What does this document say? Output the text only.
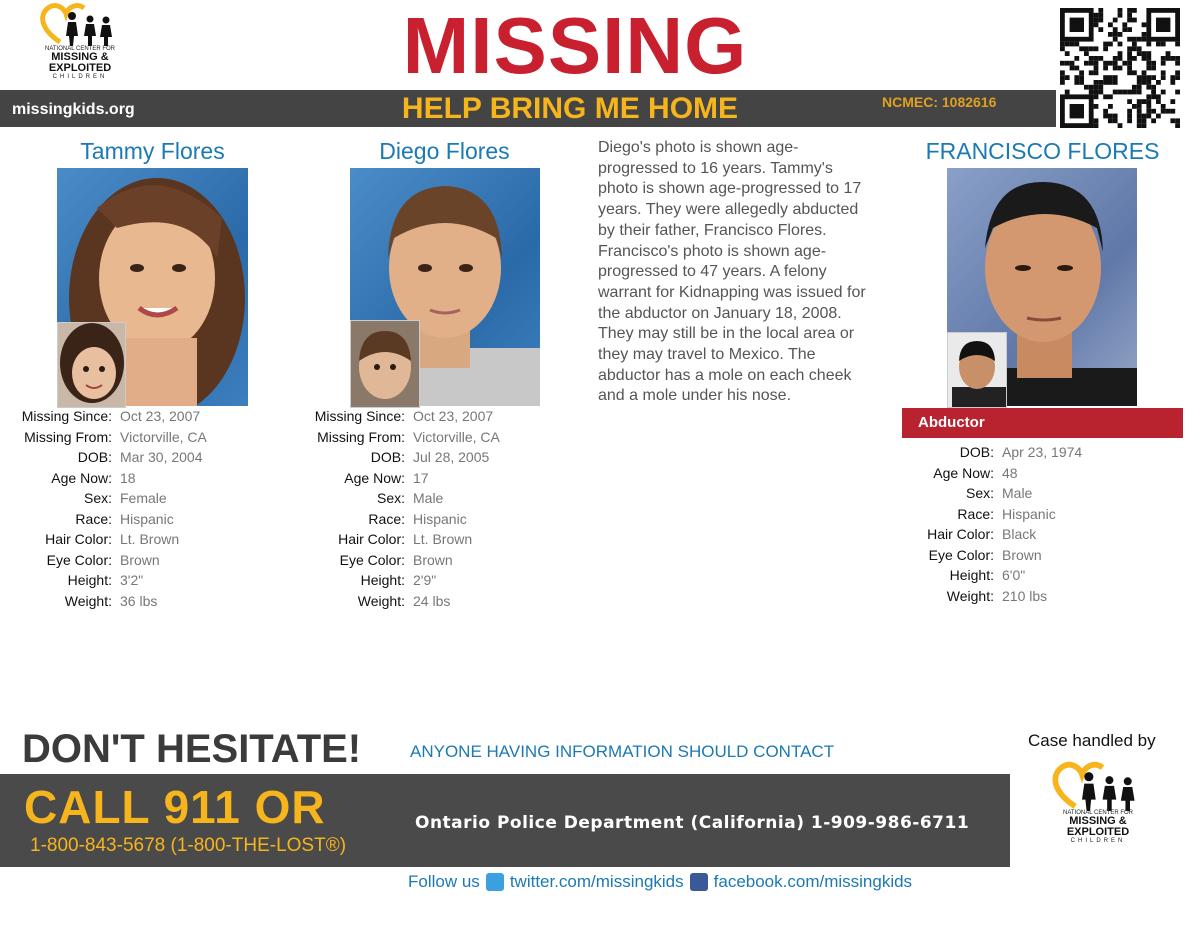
NATIONAL CENTER FOR
MISSING &
EXPLOITED
CHILDREN	MISSING
missingkids.org	HELP BRING ME HOME	NCMEC: 1082616
Tammy Flores
Missing Since: Oct 23, 2007
Missing From: Victorville, CA
DOB: Mar 30, 2004
Age Now: 18
Sex: Female
Race: Hispanic
Hair Color: Lt. Brown
Eye Color: Brown
Height: 3'2"
Weight: 36 lbs
Diego Flores
Missing Since: Oct 23, 2007
Missing From: Victorville, CA
DOB: Jul 28, 2005
Age Now: 17
Sex: Male
Race: Hispanic
Hair Color: Lt. Brown
Eye Color: Brown
Height: 2'9"
Weight: 24 lbs
Diego's photo is shown age-progressed to 16 years. Tammy's photo is shown age-progressed to 17 years. They were allegedly abducted by their father, Francisco Flores. Francisco's photo is shown age-progressed to 47 years. A felony warrant for Kidnapping was issued for the abductor on January 18, 2008. They may still be in the local area or they may travel to Mexico. The abductor has a mole on each cheek and a mole under his nose.
FRANCISCO FLORES
Abductor
DOB: Apr 23, 1974
Age Now: 48
Sex: Male
Race: Hispanic
Hair Color: Black
Eye Color: Brown
Height: 6'0"
Weight: 210 lbs
DON'T HESITATE!	ANYONE HAVING INFORMATION SHOULD CONTACT
Case handled by
CALL 911 OR
1-800-843-5678 (1-800-THE-LOST®)
Ontario Police Department (California) 1-909-986-6711	NATIONAL CENTER FOR
MISSING &
EXPLOITED
CHILDREN
Follow us twitter.com/missingkids facebook.com/missingkids
